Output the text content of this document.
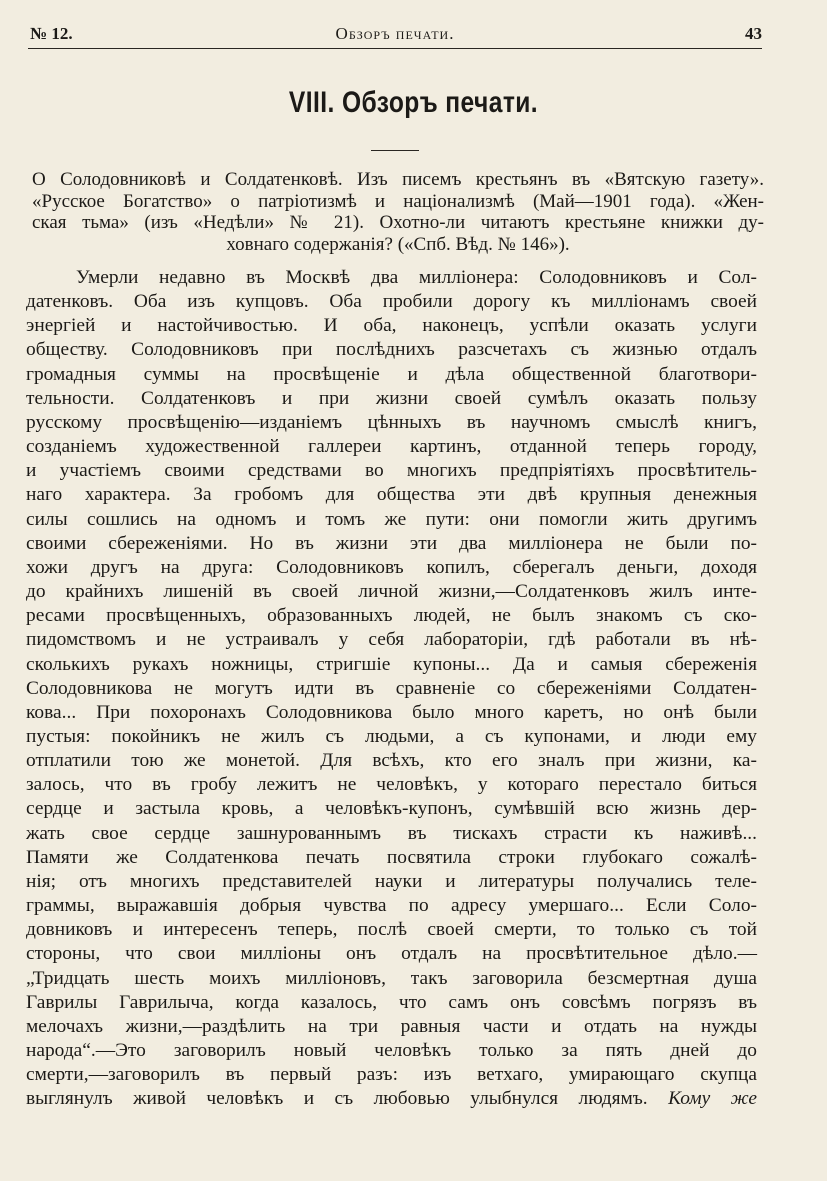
№ 12.	Обзоръ печати.	43
VIII. Обзоръ печати.
О Солодовниковѣ и Солдатенковѣ. Изъ писемъ крестьянъ въ «Вятскую газету».
«Русское Богатство» о патріотизмѣ и націонализмѣ (Май—1901 года). «Жен-
ская тьма» (изъ «Недѣли» № 21). Охотно-ли читаютъ крестьяне книжки ду-
ховнаго содержанія? («Спб. Вѣд. № 146»).
Умерли недавно въ Москвѣ два милліонера: Солодовниковъ и Сол-
датенковъ. Оба изъ купцовъ. Оба пробили дорогу къ милліонамъ своей
энергіей и настойчивостью. И оба, наконецъ, успѣли оказать услуги
обществу. Солодовниковъ при послѣднихъ разсчетахъ съ жизнью отдалъ
громадныя суммы на просвѣщеніе и дѣла общественной благотвори-
тельности. Солдатенковъ и при жизни своей сумѣлъ оказать пользу
русскому просвѣщенію—изданіемъ цѣнныхъ въ научномъ смыслѣ книгъ,
созданіемъ художественной галлереи картинъ, отданной теперь городу,
и участіемъ своими средствами во многихъ предпріятіяхъ просвѣтитель-
наго характера. За гробомъ для общества эти двѣ крупныя денежныя
силы сошлись на одномъ и томъ же пути: они помогли жить другимъ
своими сбереженіями. Но въ жизни эти два милліонера не были по-
хожи другъ на друга: Солодовниковъ копилъ, сберегалъ деньги, доходя
до крайнихъ лишеній въ своей личной жизни,—Солдатенковъ жилъ инте-
ресами просвѣщенныхъ, образованныхъ людей, не былъ знакомъ съ ско-
пидомствомъ и не устраивалъ у себя лабораторіи, гдѣ работали въ нѣ-
сколькихъ рукахъ ножницы, стригшіе купоны... Да и самыя сбереженія
Солодовникова не могутъ идти въ сравненіе со сбереженіями Солдатен-
кова... При похоронахъ Солодовникова было много каретъ, но онѣ были
пустыя: покойникъ не жилъ съ людьми, а съ купонами, и люди ему
отплатили тою же монетой. Для всѣхъ, кто его зналъ при жизни, ка-
залось, что въ гробу лежитъ не человѣкъ, у котораго перестало биться
сердце и застыла кровь, а человѣкъ-купонъ, сумѣвшій всю жизнь дер-
жать свое сердце зашнурованнымъ въ тискахъ страсти къ наживѣ...
Памяти же Солдатенкова печать посвятила строки глубокаго сожалѣ-
нія; отъ многихъ представителей науки и литературы получались теле-
граммы, выражавшія добрыя чувства по адресу умершаго... Если Соло-
довниковъ и интересенъ теперь, послѣ своей смерти, то только съ той
стороны, что свои милліоны онъ отдалъ на просвѣтительное дѣло.—
„Тридцать шесть моихъ милліоновъ, такъ заговорила безсмертная душа
Гаврилы Гаврилыча, когда казалось, что самъ онъ совсѣмъ погрязъ въ
мелочахъ жизни,—раздѣлить на три равныя части и отдать на нужды
народа“.—Это заговорилъ новый человѣкъ только за пять дней до
смерти,—заговорилъ въ первый разъ: изъ ветхаго, умирающаго скупца
выглянулъ живой человѣкъ и съ любовью улыбнулся людямъ. Кому же
